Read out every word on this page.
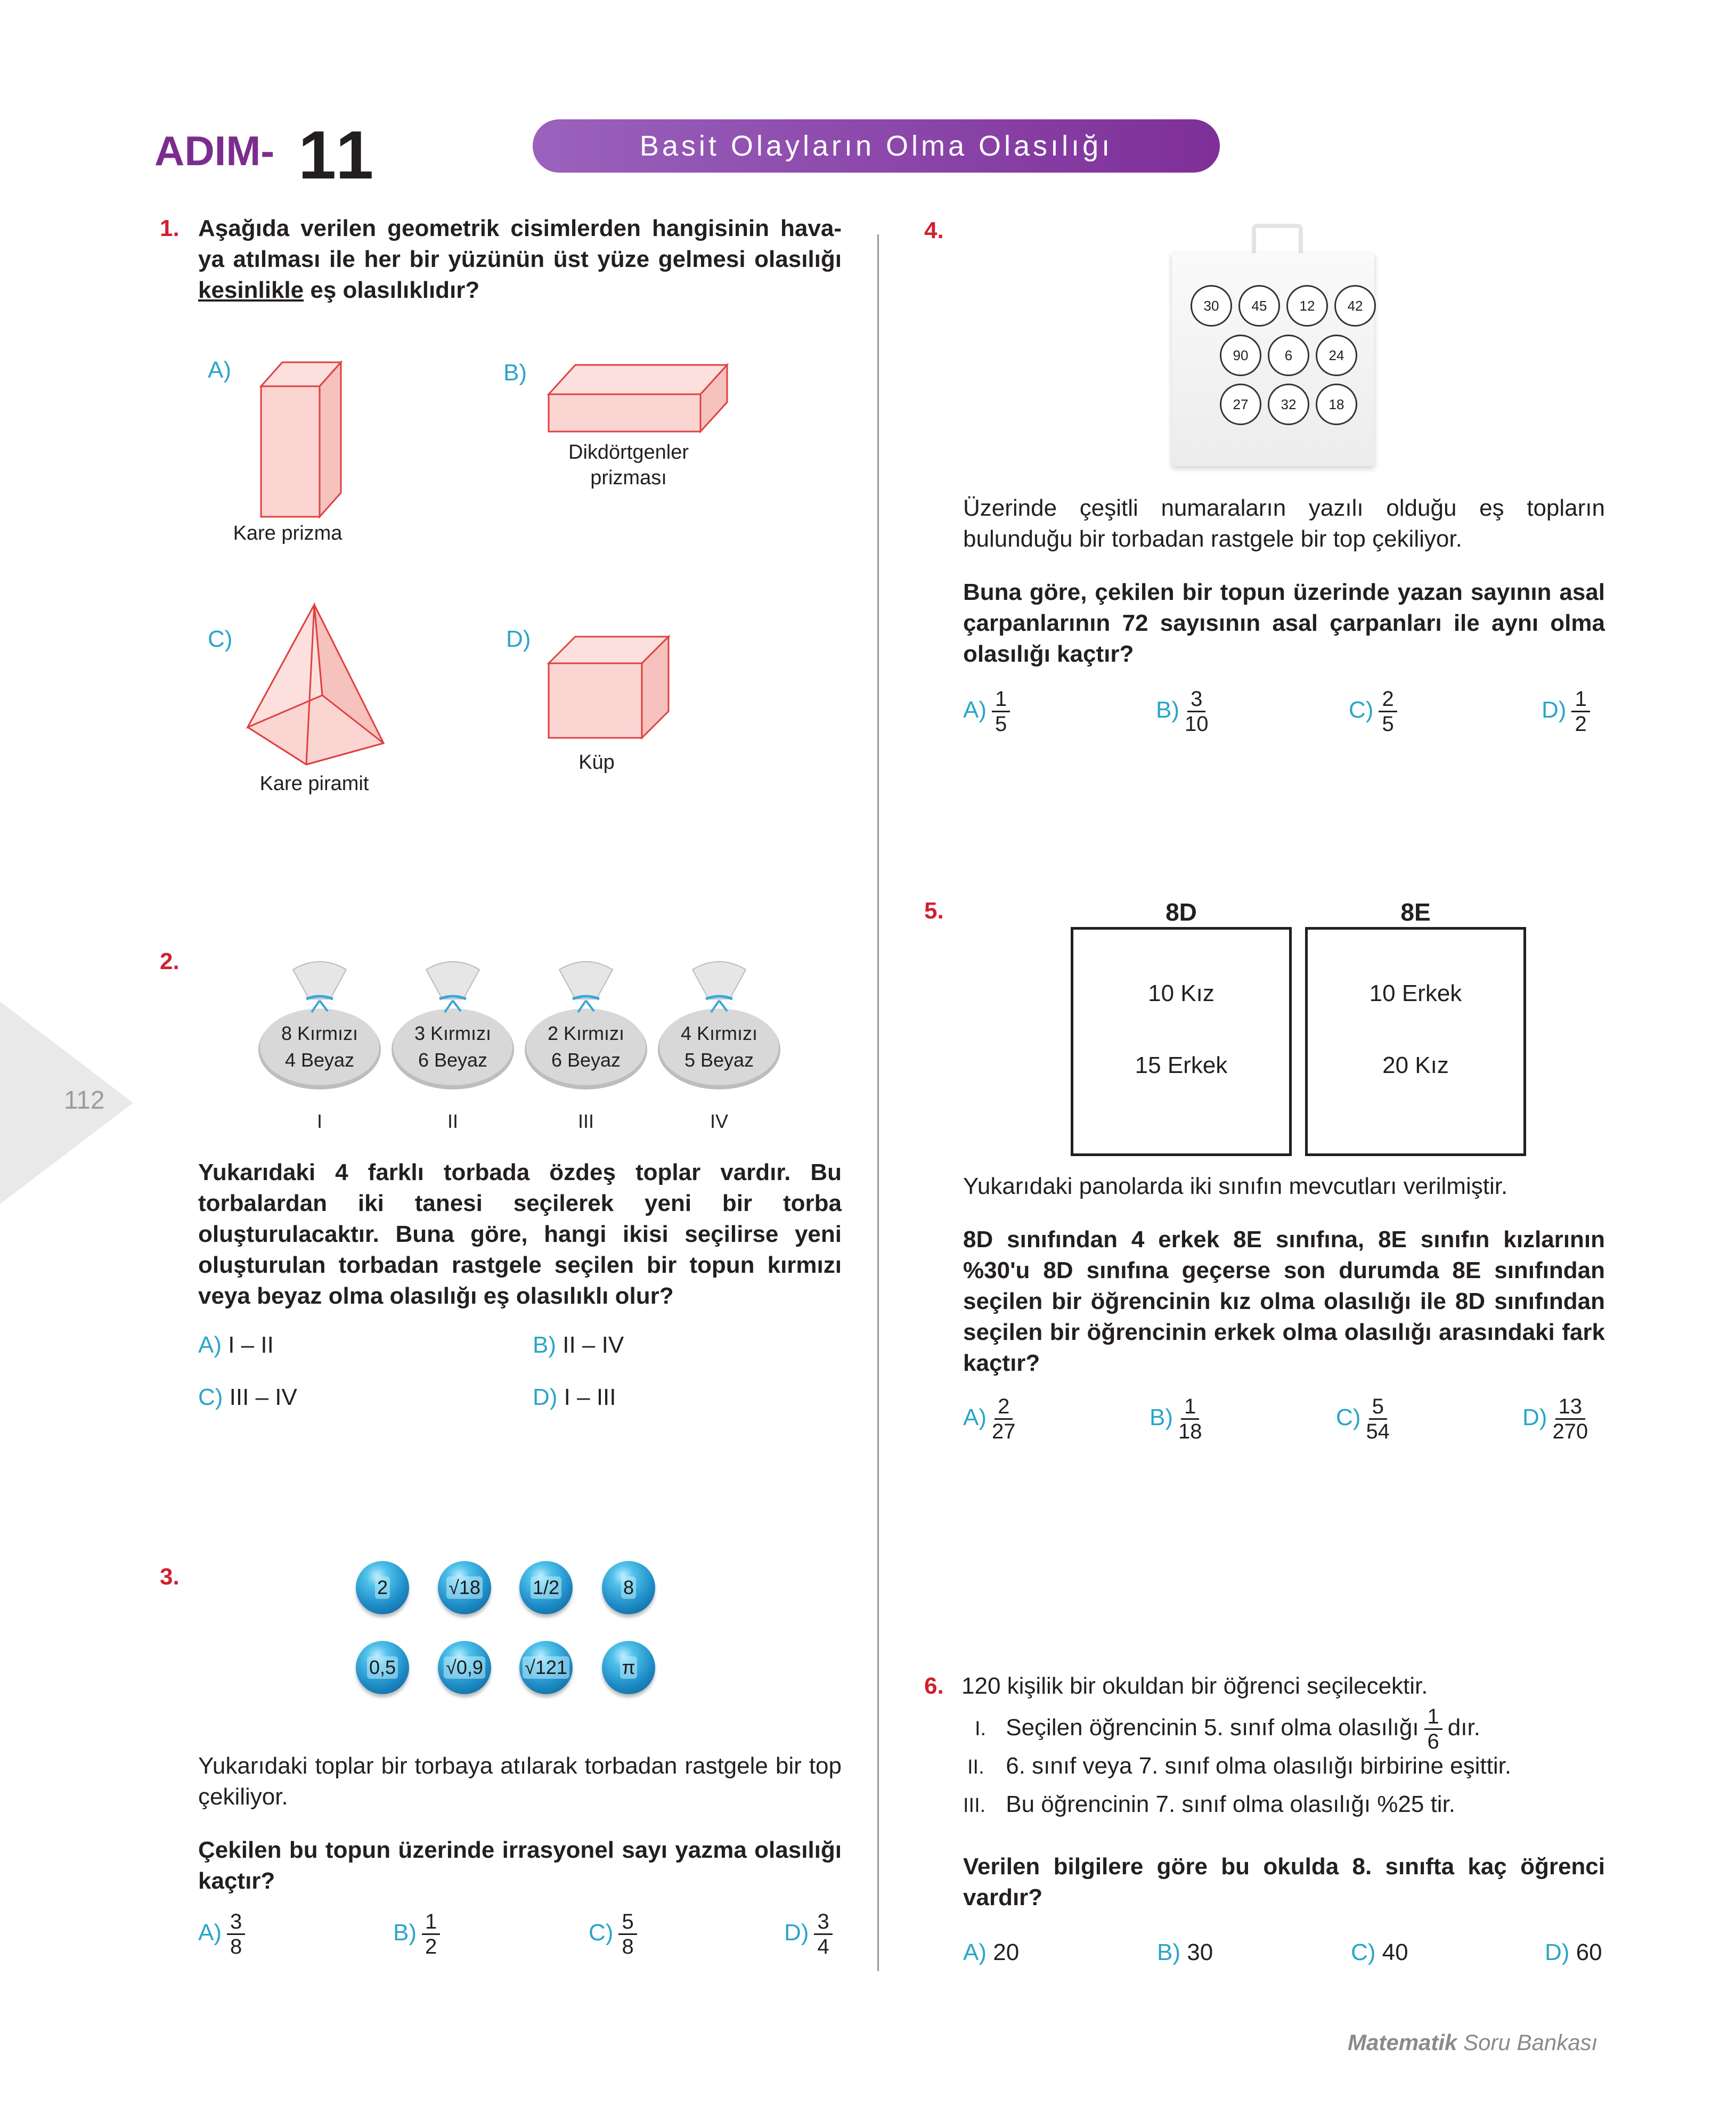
ADIM- 11	Basit Olayların Olma Olasılığı
112
1. Aşağıda verilen geometrik cisimlerden hangisinin hava-ya atılması ile her bir yüzünün üst yüze gelmesi olasılığı kesinlikle eş olasılıklıdır?
A)
Kare prizma
B)
Dikdörtgenler prizması
C)
Kare piramit
D)
Küp
2.
8 Kırmızı
4 Beyaz
I
3 Kırmızı
6 Beyaz
II
2 Kırmızı
6 Beyaz
III
4 Kırmızı
5 Beyaz
IV
Yukarıdaki 4 farklı torbada özdeş toplar vardır. Bu torbalardan iki tanesi seçilerek yeni bir torba oluşturulacaktır. Buna göre, hangi ikisi seçilirse yeni oluşturulan torbadan rastgele seçilen bir topun kırmızı veya beyaz olma olasılığı eş olasılıklı olur?
A) I – II	B) II – IV
C) III – IV	D) I – III
3.	2	√18	1/2	8
0,5	√0,9 √121	π
Yukarıdaki toplar bir torbaya atılarak torbadan rastgele bir top çekiliyor.
Çekilen bu topun üzerinde irrasyonel sayı yazma olasılığı kaçtır?
$A) \frac{3}{8}$	$B) \frac{1}{2}$	$C) \frac{5}{8}$	$D) \frac{3}{4}$
4.
30 45 12 42
90	6	24
27 32 18
Üzerinde çeşitli numaraların yazılı olduğu eş topların bulunduğu bir torbadan rastgele bir top çekiliyor.
Buna göre, çekilen bir topun üzerinde yazan sayının asal çarpanlarının 72 sayısının asal çarpanları ile aynı olma olasılığı kaçtır?
$A) \frac{1}{5}$	$B) \frac{3}{10}$	$C) \frac{2}{5}$	$D) \frac{1}{2}$
5.	8D
10 Kız
15 Erkek
8E
10 Erkek
20 Kız
Yukarıdaki panolarda iki sınıfın mevcutları verilmiştir.
8D sınıfından 4 erkek 8E sınıfına, 8E sınıfın kızlarının %30'u 8D sınıfına geçerse son durumda 8E sınıfından seçilen bir öğrencinin kız olma olasılığı ile 8D sınıfından seçilen bir öğrencinin erkek olma olasılığı arasındaki fark kaçtır?
$A) \frac{2}{27}$	$B) \frac{1}{18}$	$C) \frac{5}{54}$	$D) \frac{13}{270}$
6. 120 kişilik bir okuldan bir öğrenci seçilecektir.
I. Seçilen öğrencinin 5. sınıf olma olasılığı $\frac{1}{6}$ dır.
II. 6. sınıf veya 7. sınıf olma olasılığı birbirine eşittir.
III. Bu öğrencinin 7. sınıf olma olasılığı %25 tir.
Verilen bilgilere göre bu okulda 8. sınıfta kaç öğrenci vardır?
A) 20	B) 30	C) 40	D) 60
Matematik Soru Bankası
